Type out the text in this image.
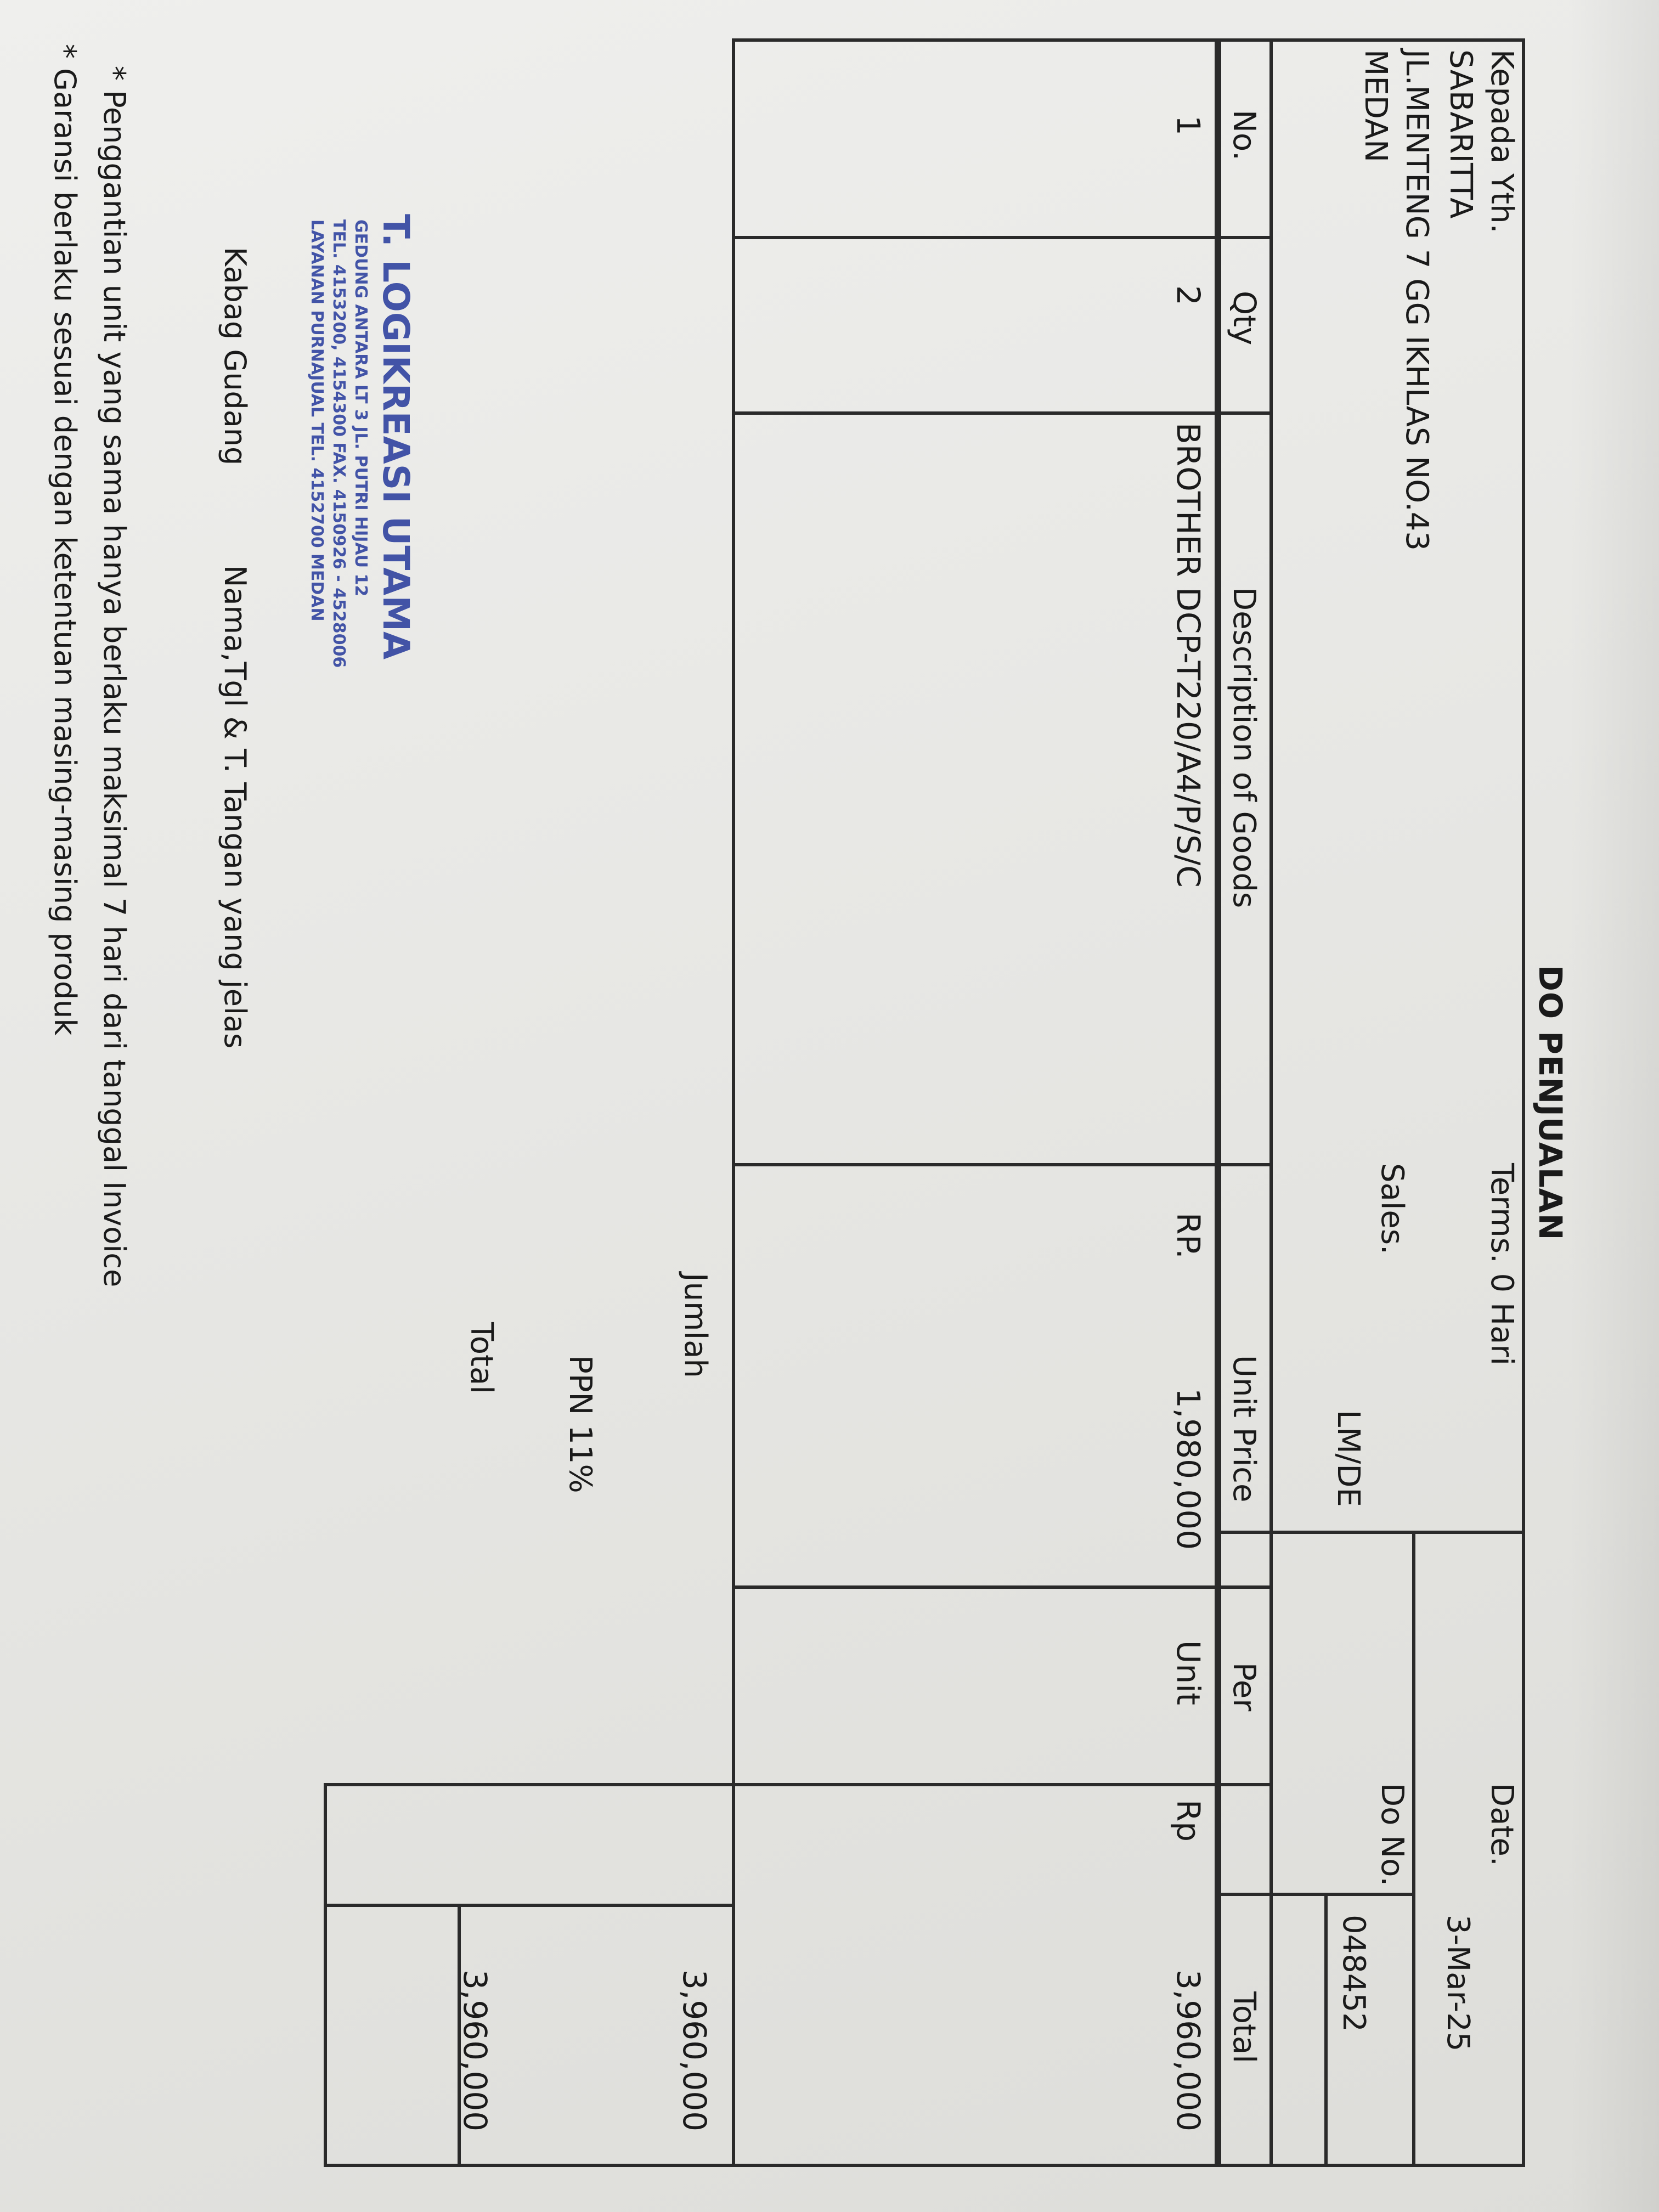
DO PENJUALAN
Kepada Yth.
SABARITTA
JL.MENTENG 7 GG IKHLAS NO.43
MEDAN
Terms. 0 Hari
Sales.
LM/DE
Date.
3-Mar-25
Do No.
048452
No.
Qty
Description of Goods
Unit Price
Per
Total
1
2
BROTHER DCP-T220/A4/P/S/C
RP.
1,980,000
Unit
Rp
3,960,000
Jumlah
3,960,000
PPN 11%
Total
3,960,000
T. LOGIKREASI UTAMA
GEDUNG ANTARA LT 3 JL. PUTRI HIJAU 12
TEL. 4153200, 4154300 FAX. 4150926 - 4528006
LAYANAN PURNAJUAL TEL. 4152700 MEDAN
Kabag Gudang
Nama,Tgl & T. Tangan yang jelas
* Penggantian unit yang sama hanya berlaku maksimal 7 hari dari tanggal Invoice
* Garansi berlaku sesuai dengan ketentuan masing-masing produk
